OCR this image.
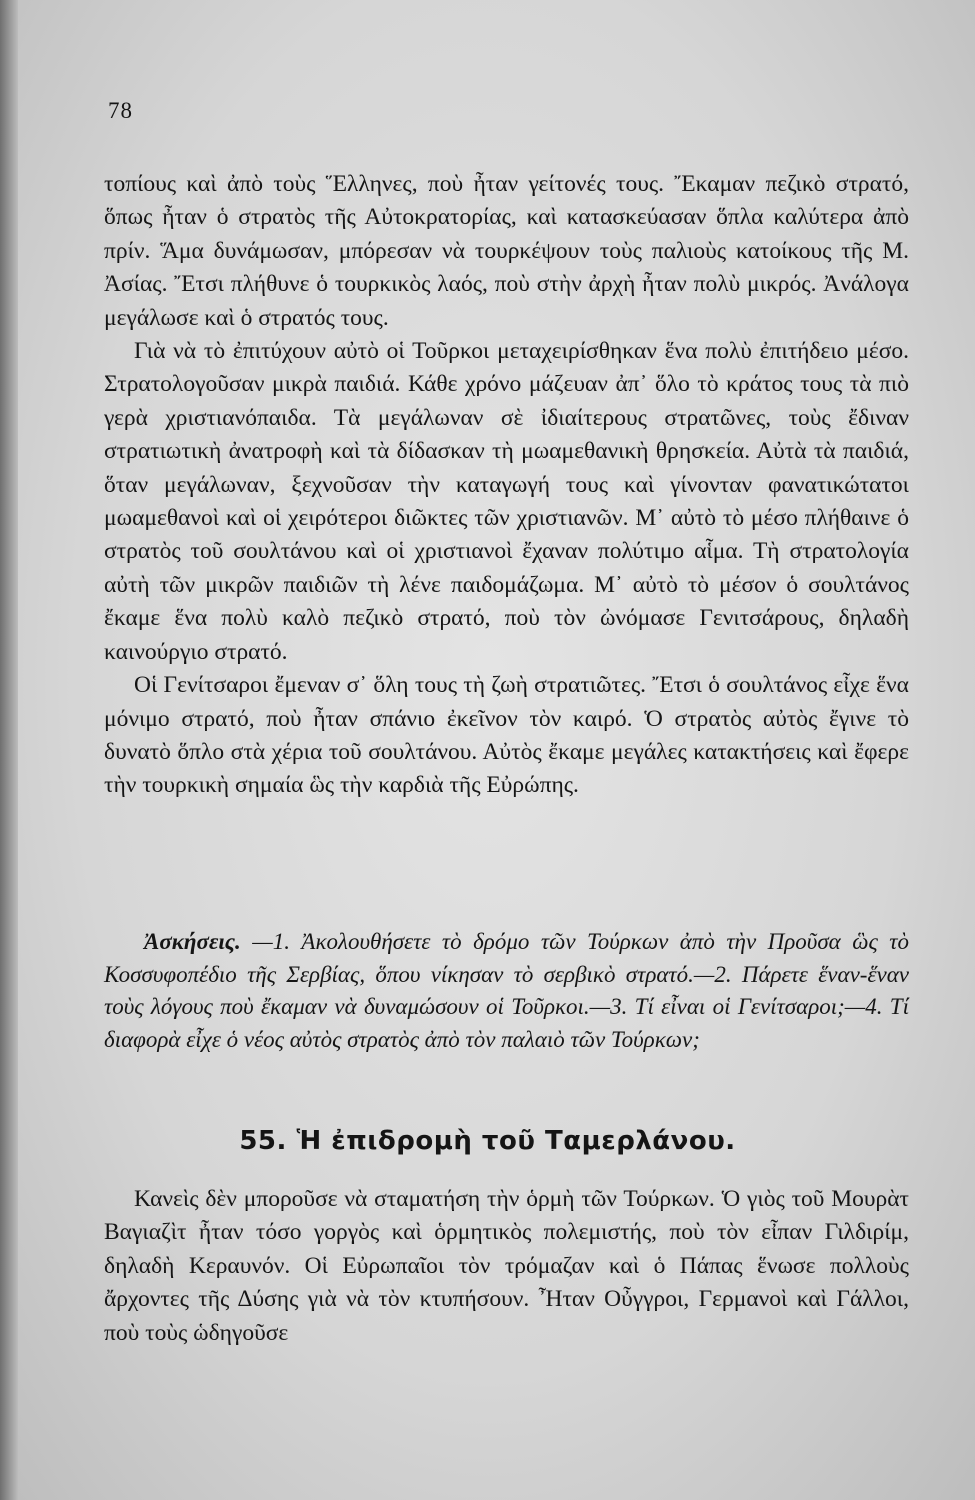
78

τοπίους καὶ ἀπὸ τοὺς Ἕλληνες, ποὺ ἦταν γείτονές τους. Ἔκαμαν πεζικὸ στρατό, ὅπως ἦταν ὁ στρατὸς τῆς Αὐτοκρατορίας, καὶ κατασκεύασαν ὅπλα καλύτερα ἀπὸ πρίν. Ἅμα δυνάμωσαν, μπόρεσαν νὰ τουρκέψουν τοὺς παλιοὺς κατοίκους τῆς Μ. Ἀσίας. Ἔτσι πλήθυνε ὁ τουρκικὸς λαός, ποὺ στὴν ἀρχὴ ἦταν πολὺ μικρός. Ἀνάλογα μεγάλωσε καὶ ὁ στρατός τους.

Γιὰ νὰ τὸ ἐπιτύχουν αὐτὸ οἱ Τοῦρκοι μεταχειρίσθηκαν ἕνα πολὺ ἐπιτήδειο μέσο. Στρατολογοῦσαν μικρὰ παιδιά. Κάθε χρόνο μάζευαν ἀπ᾽ ὅλο τὸ κράτος τους τὰ πιὸ γερὰ χριστιανόπαιδα. Τὰ μεγάλωναν σὲ ἰδιαίτερους στρατῶνες, τοὺς ἔδιναν στρατιωτικὴ ἀνατροφὴ καὶ τὰ δίδασκαν τὴ μωαμεθανικὴ θρησκεία. Αὐτὰ τὰ παιδιά, ὅταν μεγάλωναν, ξεχνοῦσαν τὴν καταγωγή τους καὶ γίνονταν φανατικώτατοι μωαμεθανοὶ καὶ οἱ χειρότεροι διῶκτες τῶν χριστιανῶν. Μ᾽ αὐτὸ τὸ μέσο πλήθαινε ὁ στρατὸς τοῦ σουλτάνου καὶ οἱ χριστιανοὶ ἔχαναν πολύτιμο αἷμα. Τὴ στρατολογία αὐτὴ τῶν μικρῶν παιδιῶν τὴ λένε παιδομάζωμα. Μ᾽ αὐτὸ τὸ μέσον ὁ σουλτάνος ἔκαμε ἕνα πολὺ καλὸ πεζικὸ στρατό, ποὺ τὸν ὠνόμασε Γενιτσάρους, δηλαδὴ καινούργιο στρατό.

Οἱ Γενίτσαροι ἔμεναν σ᾽ ὅλη τους τὴ ζωὴ στρατιῶτες. Ἔτσι ὁ σουλτάνος εἶχε ἕνα μόνιμο στρατό, ποὺ ἦταν σπάνιο ἐκεῖνον τὸν καιρό. Ὁ στρατὸς αὐτὸς ἔγινε τὸ δυνατὸ ὅπλο στὰ χέρια τοῦ σουλτάνου. Αὐτὸς ἔκαμε μεγάλες κατακτήσεις καὶ ἔφερε τὴν τουρκικὴ σημαία ὣς τὴν καρδιὰ τῆς Εὐρώπης.

Ἀσκήσεις. —1. Ἀκολουθήσετε τὸ δρόμο τῶν Τούρκων ἀπὸ τὴν Προῦσα ὣς τὸ Κοσσυφοπέδιο τῆς Σερβίας, ὅπου νίκησαν τὸ σερβικὸ στρατό.—2. Πάρετε ἕναν-ἕναν τοὺς λόγους ποὺ ἔκαμαν νὰ δυναμώσουν οἱ Τοῦρκοι.—3. Τί εἶναι οἱ Γενίτσαροι;—4. Τί διαφορὰ εἶχε ὁ νέος αὐτὸς στρατὸς ἀπὸ τὸν παλαιὸ τῶν Τούρκων;

55. Ἡ ἐπιδρομὴ τοῦ Ταμερλάνου.

Κανεὶς δὲν μποροῦσε νὰ σταματήση τὴν ὁρμὴ τῶν Τούρκων. Ὁ γιὸς τοῦ Μουρὰτ Βαγιαζὶτ ἦταν τόσο γοργὸς καὶ ὁρμητικὸς πολεμιστής, ποὺ τὸν εἶπαν Γιλδιρίμ, δηλαδὴ Κεραυνόν. Οἱ Εὐρωπαῖοι τὸν τρόμαζαν καὶ ὁ Πάπας ἕνωσε πολλοὺς ἄρχοντες τῆς Δύσης γιὰ νὰ τὸν κτυπήσουν. Ἦταν Οὖγγροι, Γερμανοὶ καὶ Γάλλοι, ποὺ τοὺς ὡδηγοῦσε
